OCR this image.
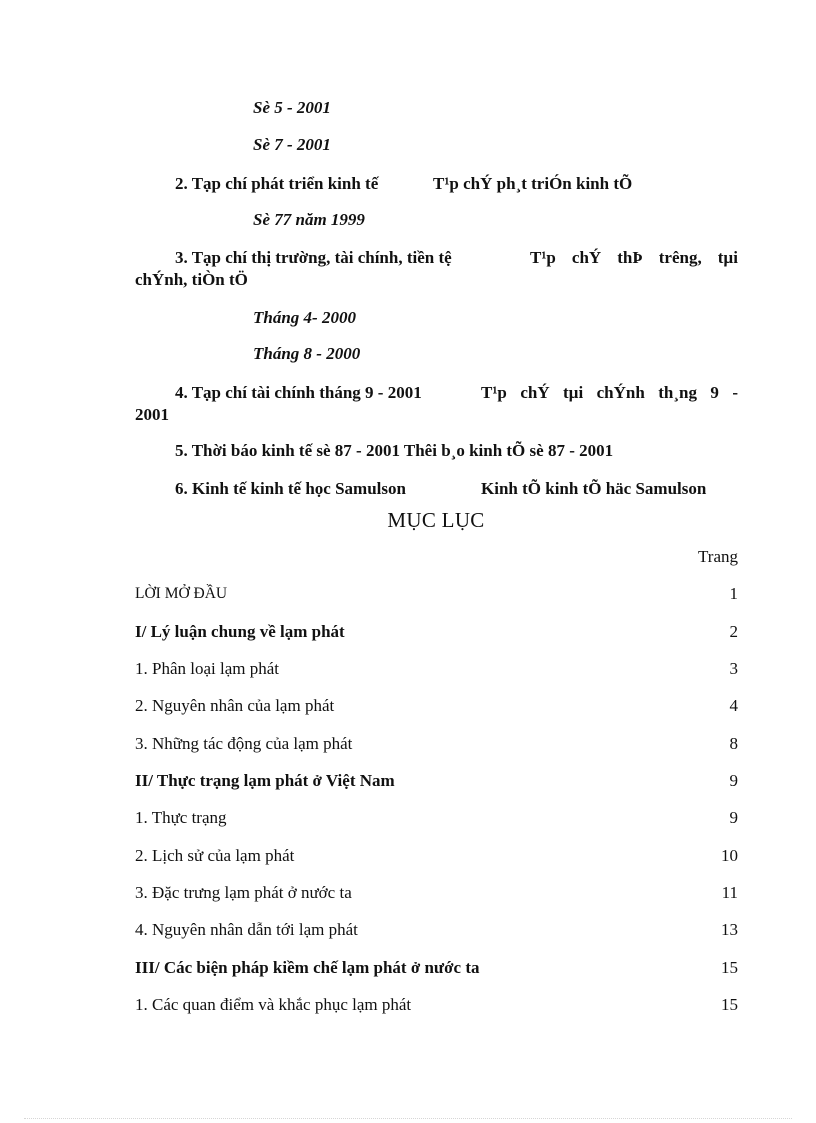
Sè 5 - 2001
Sè 7 - 2001
2. Tạp chí phát triển kinh tế	T¹p chÝ ph¸t triÓn kinh tÕ
Sè 77 năm 1999
3. Tạp chí thị trường, tài chính, tiền tệ	T¹p chÝ thÞ trêng, tµi
chÝnh, tiÒn tÖ
Tháng 4- 2000
Tháng 8 - 2000
4. Tạp chí tài chính tháng 9 - 2001	T¹p chÝ tµi chÝnh th¸ng 9 -
2001
5. Thời báo kinh tế sè 87 - 2001 Thêi b¸o kinh tÕ sè 87 - 2001
6. Kinh tế kinh tế học Samulson	Kinh tÕ kinh tÕ häc Samulson
MỤC LỤC
Trang
LỜI MỞ ĐẦU	1
I/ Lý luận chung về lạm phát	2
1. Phân loại lạm phát	3
2. Nguyên nhân của lạm phát	4
3. Những tác động của lạm phát	8
II/ Thực trạng lạm phát ở Việt Nam	9
1. Thực trạng	9
2. Lịch sử của lạm phát	10
3. Đặc trưng lạm phát ở nước ta	11
4. Nguyên nhân dẫn tới lạm phát	13
III/ Các biện pháp kiềm chế lạm phát ở nước ta	15
1. Các quan điểm và khắc phục lạm phát	15
